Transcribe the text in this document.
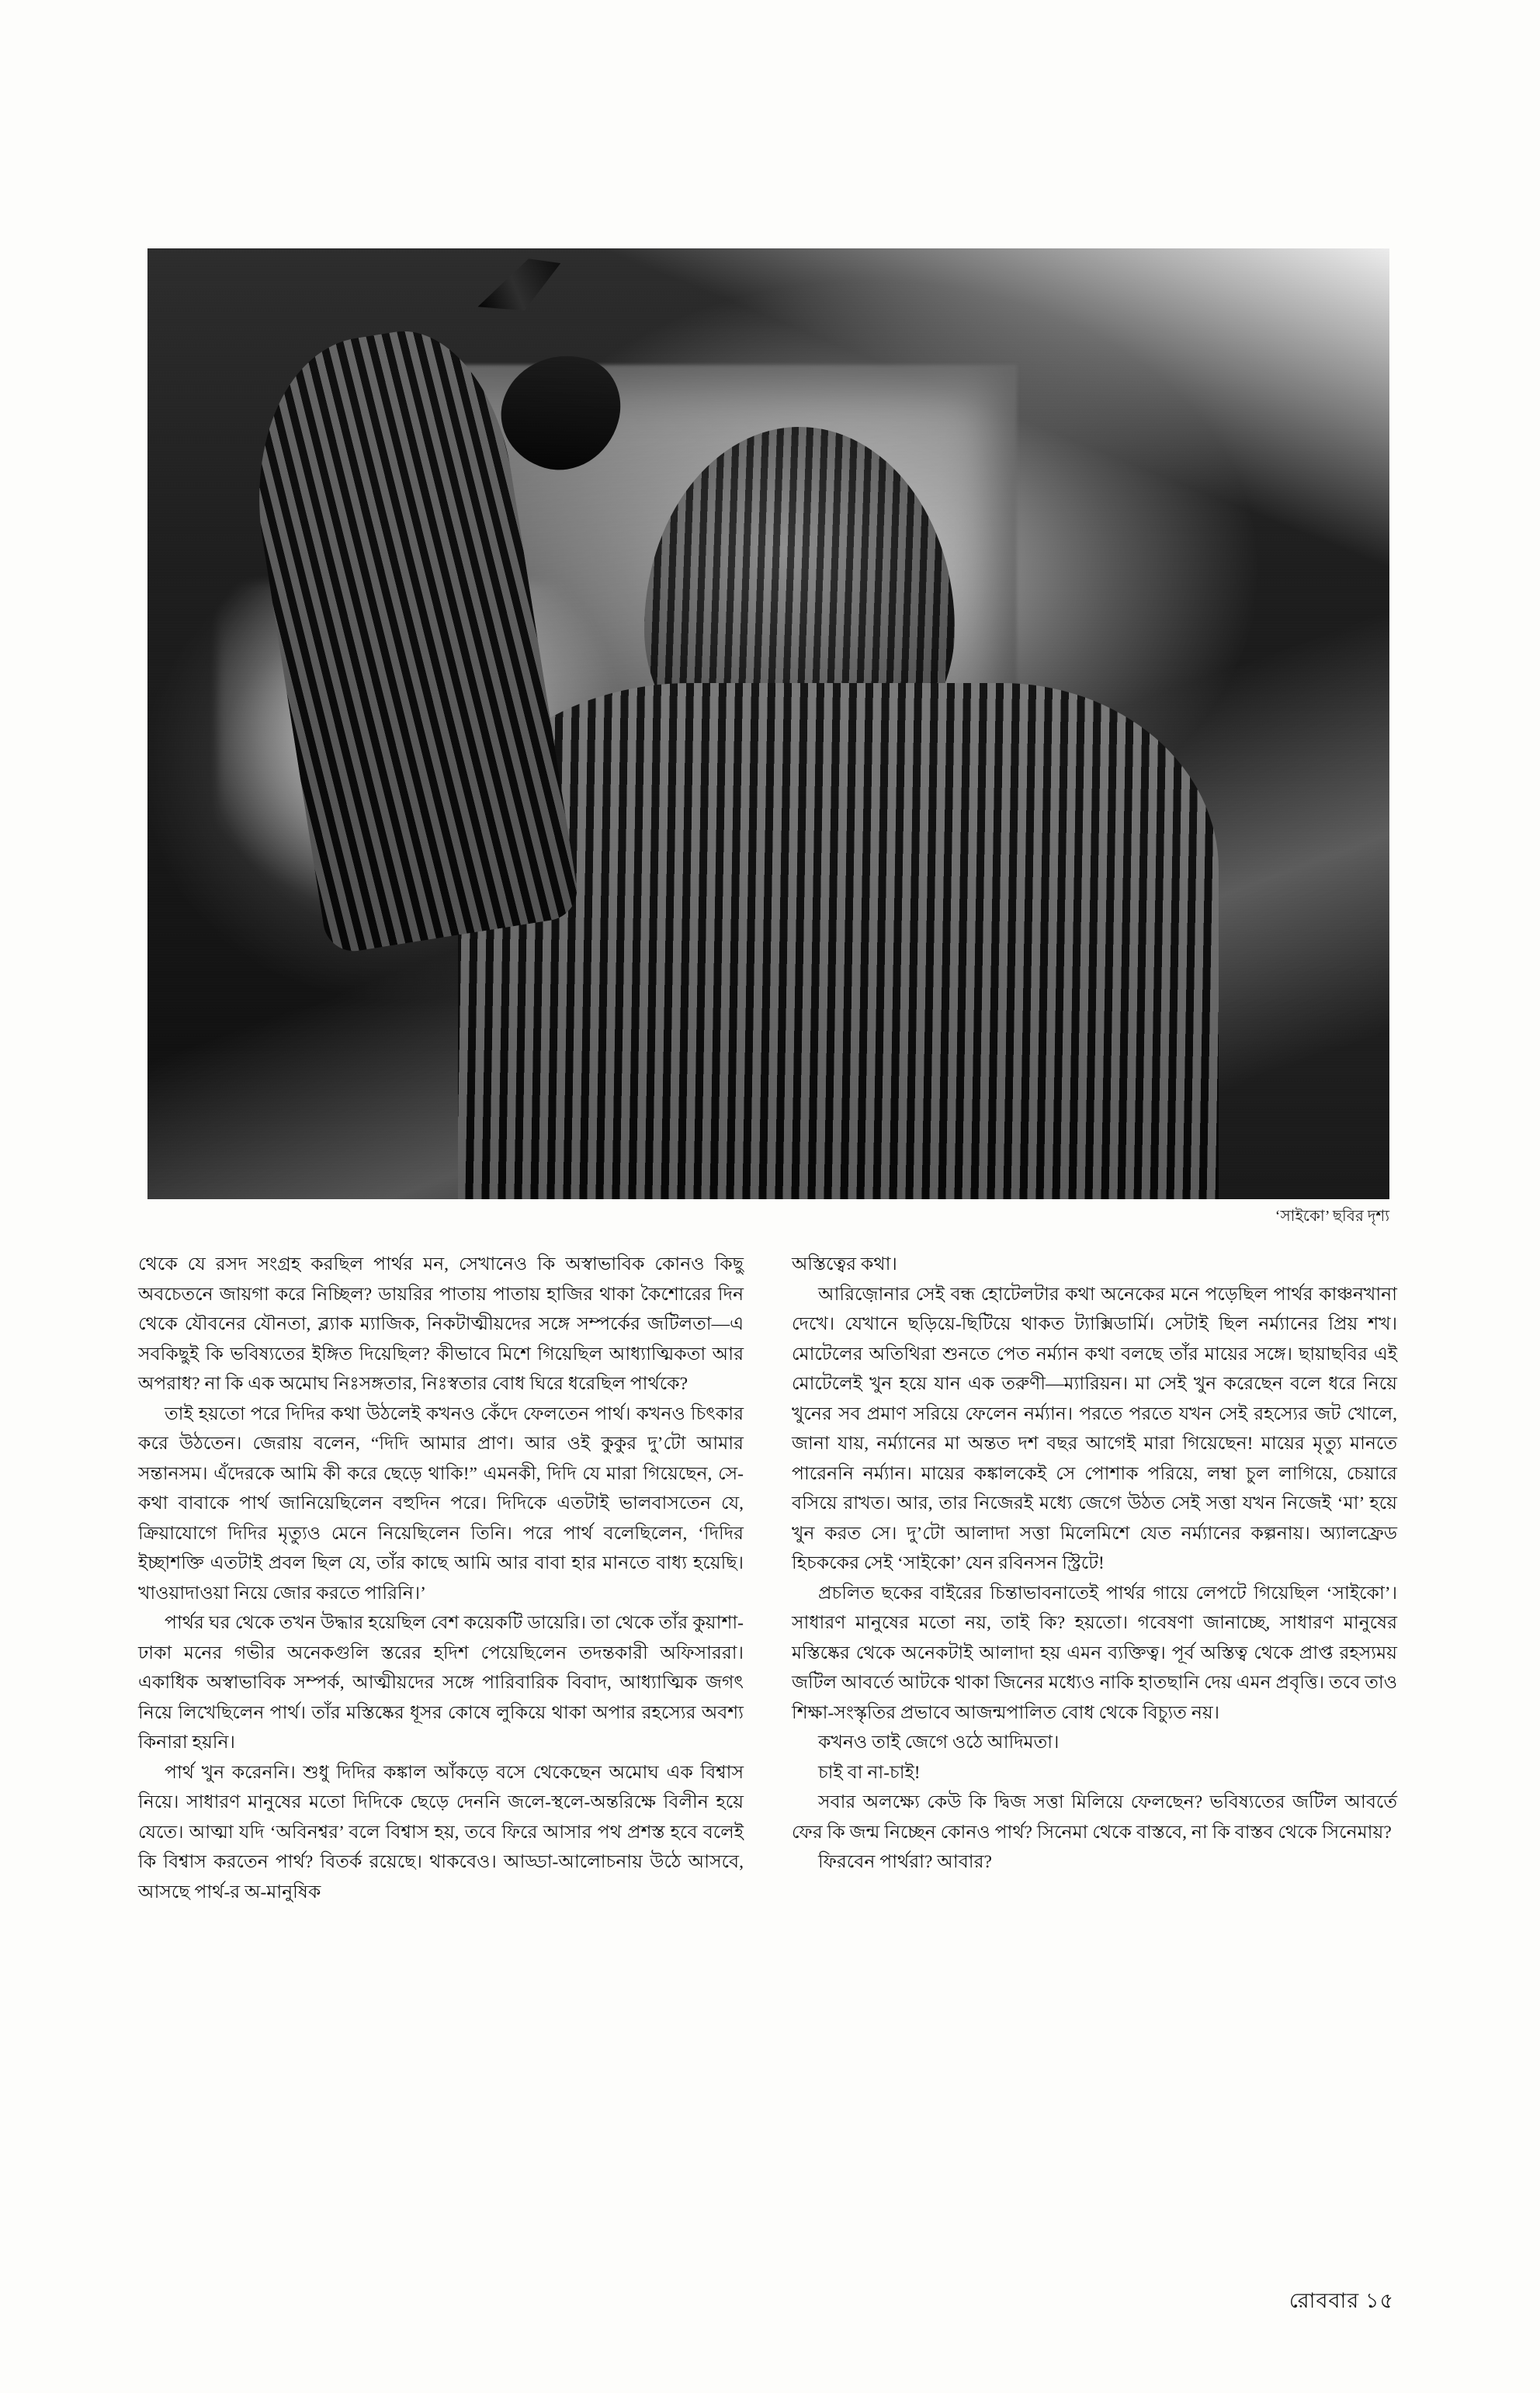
‘সাইকো’ ছবির দৃশ্য

থেকে যে রসদ সংগ্রহ করছিল পার্থর মন, সেখানেও কি অস্বাভাবিক কোনও কিছু অবচেতনে জায়গা করে নিচ্ছিল? ডায়রির পাতায় পাতায় হাজির থাকা কৈশোরের দিন থেকে যৌবনের যৌনতা, ব্ল্যাক ম্যাজিক, নিকটাত্মীয়দের সঙ্গে সম্পর্কের জটিলতা—এ সবকিছুই কি ভবিষ্যতের ইঙ্গিত দিয়েছিল? কীভাবে মিশে গিয়েছিল আধ্যাত্মিকতা আর অপরাধ? না কি এক অমোঘ নিঃসঙ্গতার, নিঃস্বতার বোধ ঘিরে ধরেছিল পার্থকে?

তাই হয়তো পরে দিদির কথা উঠলেই কখনও কেঁদে ফেলতেন পার্থ। কখনও চিৎকার করে উঠতেন। জেরায় বলেন, “দিদি আমার প্রাণ। আর ওই কুকুর দু’টো আমার সন্তানসম। এঁদেরকে আমি কী করে ছেড়ে থাকি!” এমনকী, দিদি যে মারা গিয়েছেন, সে-কথা বাবাকে পার্থ জানিয়েছিলেন বহুদিন পরে। দিদিকে এতটাই ভালবাসতেন যে, ক্রিয়াযোগে দিদির মৃত্যুও মেনে নিয়েছিলেন তিনি। পরে পার্থ বলেছিলেন, ‘দিদির ইচ্ছাশক্তি এতটাই প্রবল ছিল যে, তাঁর কাছে আমি আর বাবা হার মানতে বাধ্য হয়েছি। খাওয়াদাওয়া নিয়ে জোর করতে পারিনি।’

পার্থর ঘর থেকে তখন উদ্ধার হয়েছিল বেশ কয়েকটি ডায়েরি। তা থেকে তাঁর কুয়াশা-ঢাকা মনের গভীর অনেকগুলি স্তরের হদিশ পেয়েছিলেন তদন্তকারী অফিসাররা। একাধিক অস্বাভাবিক সম্পর্ক, আত্মীয়দের সঙ্গে পারিবারিক বিবাদ, আধ্যাত্মিক জগৎ নিয়ে লিখেছিলেন পার্থ। তাঁর মস্তিষ্কের ধূসর কোষে লুকিয়ে থাকা অপার রহস্যের অবশ্য কিনারা হয়নি।

পার্থ খুন করেননি। শুধু দিদির কঙ্কাল আঁকড়ে বসে থেকেছেন অমোঘ এক বিশ্বাস নিয়ে। সাধারণ মানুষের মতো দিদিকে ছেড়ে দেননি জলে-স্থলে-অন্তরিক্ষে বিলীন হয়ে যেতে। আত্মা যদি ‘অবিনশ্বর’ বলে বিশ্বাস হয়, তবে ফিরে আসার পথ প্রশস্ত হবে বলেই কি বিশ্বাস করতেন পার্থ? বিতর্ক রয়েছে। থাকবেও। আড্ডা-আলোচনায় উঠে আসবে, আসছে পার্থ-র অ-মানুষিক

অস্তিত্বের কথা।

আরিজ়োনার সেই বন্ধ হোটেলটার কথা অনেকের মনে পড়েছিল পার্থর কাঞ্চনখানা দেখে। যেখানে ছড়িয়ে-ছিটিয়ে থাকত ট্যাক্সিডার্মি। সেটাই ছিল নর্ম্যানের প্রিয় শখ। মোটেলের অতিথিরা শুনতে পেত নর্ম্যান কথা বলছে তাঁর মায়ের সঙ্গে। ছায়াছবির এই মোটেলেই খুন হয়ে যান এক তরুণী—ম্যারিয়ন। মা সেই খুন করেছেন বলে ধরে নিয়ে খুনের সব প্রমাণ সরিয়ে ফেলেন নর্ম্যান। পরতে পরতে যখন সেই রহস্যের জট খোলে, জানা যায়, নর্ম্যানের মা অন্তত দশ বছর আগেই মারা গিয়েছেন! মায়ের মৃত্যু মানতে পারেননি নর্ম্যান। মায়ের কঙ্কালকেই সে পোশাক পরিয়ে, লম্বা চুল লাগিয়ে, চেয়ারে বসিয়ে রাখত। আর, তার নিজেরই মধ্যে জেগে উঠত সেই সত্তা যখন নিজেই ‘মা’ হয়ে খুন করত সে। দু’টো আলাদা সত্তা মিলেমিশে যেত নর্ম্যানের কল্পনায়। অ্যালফ্রেড হিচককের সেই ‘সাইকো’ যেন রবিনসন স্ট্রিটে!

প্রচলিত ছকের বাইরের চিন্তাভাবনাতেই পার্থর গায়ে লেপটে গিয়েছিল ‘সাইকো’। সাধারণ মানুষের মতো নয়, তাই কি? হয়তো। গবেষণা জানাচ্ছে, সাধারণ মানুষের মস্তিষ্কের থেকে অনেকটাই আলাদা হয় এমন ব্যক্তিত্ব। পূর্ব অস্তিত্ব থেকে প্রাপ্ত রহস্যময় জটিল আবর্তে আটকে থাকা জিনের মধ্যেও নাকি হাতছানি দেয় এমন প্রবৃত্তি। তবে তাও শিক্ষা-সংস্কৃতির প্রভাবে আজন্মপালিত বোধ থেকে বিচ্যুত নয়।

কখনও তাই জেগে ওঠে আদিমতা।

চাই বা না-চাই!

সবার অলক্ষ্যে কেউ কি দ্বিজ সত্তা মিলিয়ে ফেলছেন? ভবিষ্যতের জটিল আবর্তে ফের কি জন্ম নিচ্ছেন কোনও পার্থ? সিনেমা থেকে বাস্তবে, না কি বাস্তব থেকে সিনেমায়?

ফিরবেন পার্থরা? আবার?

রোববার ১৫
